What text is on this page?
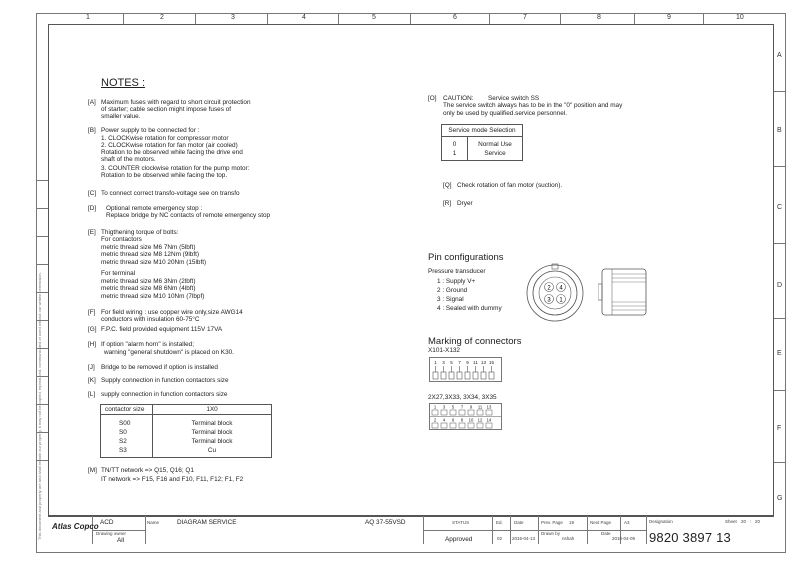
1	2	3	4	5	6	7	8	9	10
A
B
C
D
E
F
G
This document and property are and shall remain our property, it may not be copied, reproduced, communicated or used without our written permission.
NOTES :
[A] Maximum fuses with regard to short circuit protection
of starter; cable section might impose fuses of
smaller value.
[B] Power supply to be connected for :
1. CLOCKwise rotation for compressor motor
2. CLOCKwise rotation for fan motor (air cooled)
Rotation to be observed while facing the drive end
shaft of the motors.
3. COUNTER clockwise rotation for the pump motor:
Rotation to be observed while facing the top.
[C] To connect correct transfo-voltage see on transfo
[D] Optional remote emergency stop :
Replace bridge by NC contacts of remote emergency stop
[E] Thigthening torque of bolts:
For contactors
metric thread size M6 7Nm (5lbft)
metric thread size M8 12Nm (9lbft)
metric thread size M10 20Nm (15lbft)
For terminal
metric thread size M6 3Nm (2lbft)
metric thread size M8 6Nm (4lbft)
metric thread size M10 10Nm (7lbpf)
[F] For field wiring : use copper wire only,size AWG14
conductors with insulation 60-75°C
[G] F.P.C. field provided equipment 115V 17VA
[H] If option "alarm horn" is installed;
warning "general shutdown" is placed on K30.
[J] Bridge to be removed if option is installed
[K] Supply connection in function contactors size
[L] supply connection in function contactors size
contactor size	1X0
S00	Terminal block
S0	Terminal block
S2	Terminal block
S3	Cu
[M] TN/TT network => Q15, Q16; Q1
IT network => F15, F16 and F10, F11, F12; F1, F2
[O] CAUTION: Service switch SS
The service switch always has to be in the "0" position and may
only be used by qualified.service personnel.
Service mode Selection	
0	Normal Use
1	Service
[Q] Check rotation of fan motor (suction).
[R] Dryer
Pin configurations
Pressure transducer
1 : Supply V+
2 : Ground
3 : Signal
4 : Sealed with dummy
2 4
3 1
Marking of connectors
X101-X132
1 3 5 7 9 11 13 15
2X27,3X33, 3X34, 3X35
1 3 5 7 9 11 13
2 4 6 8 10 12 14
Atlas Copco ACD
Drawing owner
All
Name	DIAGRAM SERVICE	AQ 37-55VSD	STATUS
Approved
Ed.
02
Date
2015-04-13
Prev. Page 19	Next Page
Drawn by
nshah
Date
2010-04-09
A3	Designation	Sheet 20 : 20
9820 3897 13
